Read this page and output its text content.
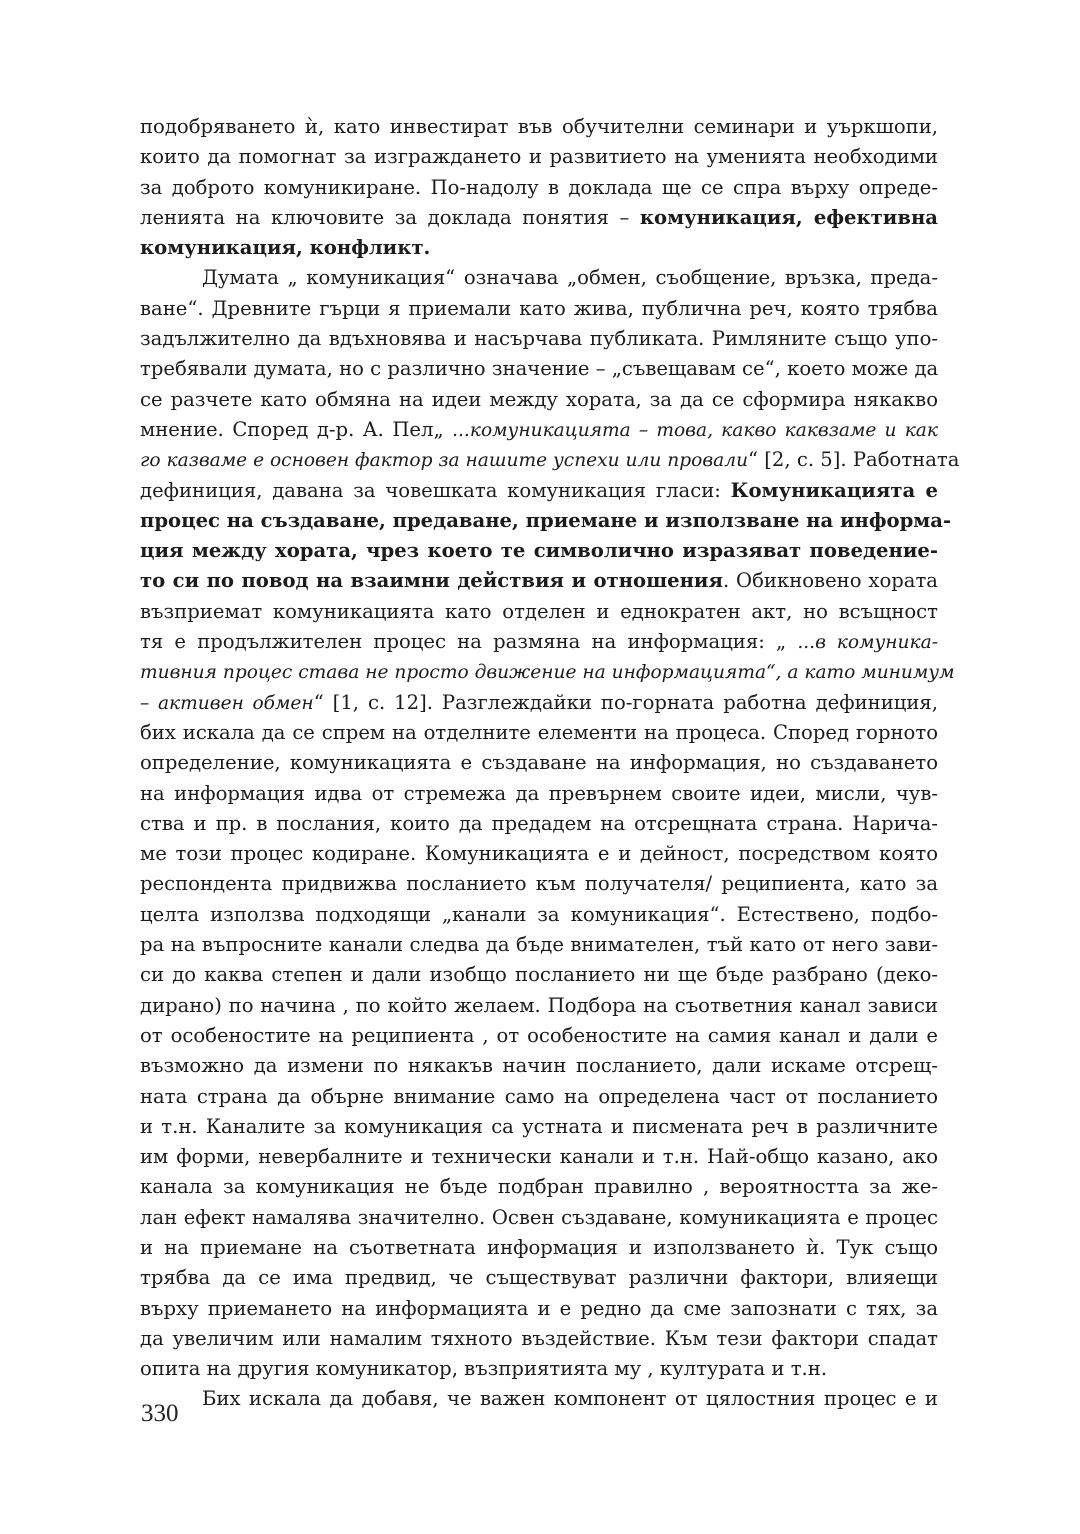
подобряването ѝ, като инвестират във обучителни семинари и уъркшопи,
които да помогнат за изграждането и развитието на уменията необходими
за доброто комуникиране. По-надолу в доклада ще се спра върху опреде-
ленията на ключовите за доклада понятия – комуникация, ефективна
комуникация, конфликт.
Думата „ комуникация“ означава „обмен, съобщение, връзка, преда-
ване“. Древните гърци я приемали като жива, публична реч, която трябва
задължително да вдъхновява и насърчава публиката. Римляните също упо-
требявали думата, но с различно значение – „съвещавам се“, което може да
се разчете като обмяна на идеи между хората, за да се сформира някакво
мнение. Според д-р. А. Пел„ ...комуникацията – това, какво каквзаме и как
го казваме е основен фактор за нашите успехи или провали“ [2, с. 5]. Работната
дефиниция, давана за човешката комуникация гласи: Комуникацията е
процес на създаване, предаване, приемане и използване на информа-
ция между хората, чрез което те символично изразяват поведение-
то си по повод на взаимни действия и отношения. Обикновено хората
възприемат комуникацията като отделен и еднократен акт, но всъщност
тя е продължителен процес на размяна на информация: „ ...в комуника-
тивния процес става не просто движение на информацията“, а като минимум
– активен обмен“ [1, с. 12]. Разглеждайки по-горната работна дефиниция,
бих искала да се спрем на отделните елементи на процеса. Според горното
определение, комуникацията е създаване на информация, но създаването
на информация идва от стремежа да превърнем своите идеи, мисли, чув-
ства и пр. в послания, които да предадем на отсрещната страна. Нарича-
ме този процес кодиране. Комуникацията е и дейност, посредством която
респондента придвижва посланието към получателя/ реципиента, като за
целта използва подходящи „канали за комуникация“. Естествено, подбо-
ра на въпросните канали следва да бъде внимателен, тъй като от него зави-
си до каква степен и дали изобщо посланието ни ще бъде разбрано (деко-
дирано) по начина , по който желаем. Подбора на съответния канал зависи
от особеностите на реципиента , от особеностите на самия канал и дали е
възможно да измени по някакъв начин посланието, дали искаме отсрещ-
ната страна да обърне внимание само на определена част от посланието
и т.н. Каналите за комуникация са устната и писмената реч в различните
им форми, невербалните и технически канали и т.н. Най-общо казано, ако
канала за комуникация не бъде подбран правилно , вероятността за же-
лан ефект намалява значително. Освен създаване, комуникацията е процес
и на приемане на съответната информация и използването ѝ. Тук също
трябва да се има предвид, че съществуват различни фактори, влияещи
върху приемането на информацията и е редно да сме запознати с тях, за
да увеличим или намалим тяхното въздействие. Към тези фактори спадат
опита на другия комуникатор, възприятията му , културата и т.н.
Бих искала да добавя, че важен компонент от цялостния процес е и
330
